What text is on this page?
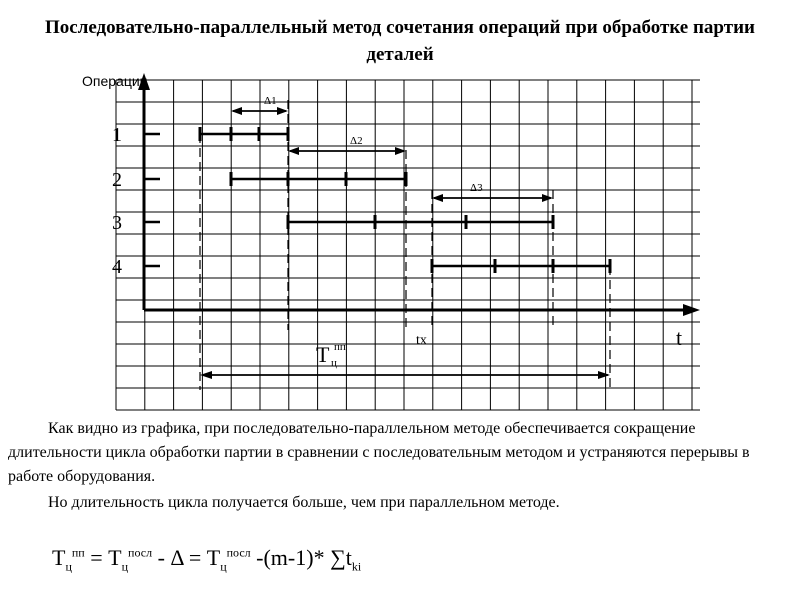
Последовательно-параллельный метод сочетания операций при обработке партии деталей
Операции
t
1
2
3
4
Δ1
Δ2
Δ3
tx
Т ц
пп

Как видно из графика, при последовательно-параллельном методе обеспечивается сокращение длительности цикла обработки партии в сравнении с последовательным методом и устраняются перерывы в работе оборудования.

Но длительность цикла получается больше, чем при параллельном методе.

$Т_ц^{пп} = Т_ц^{посл} - \Delta = Т_ц^{посл}$ -(m-1)* $\sum t_{ki}$
